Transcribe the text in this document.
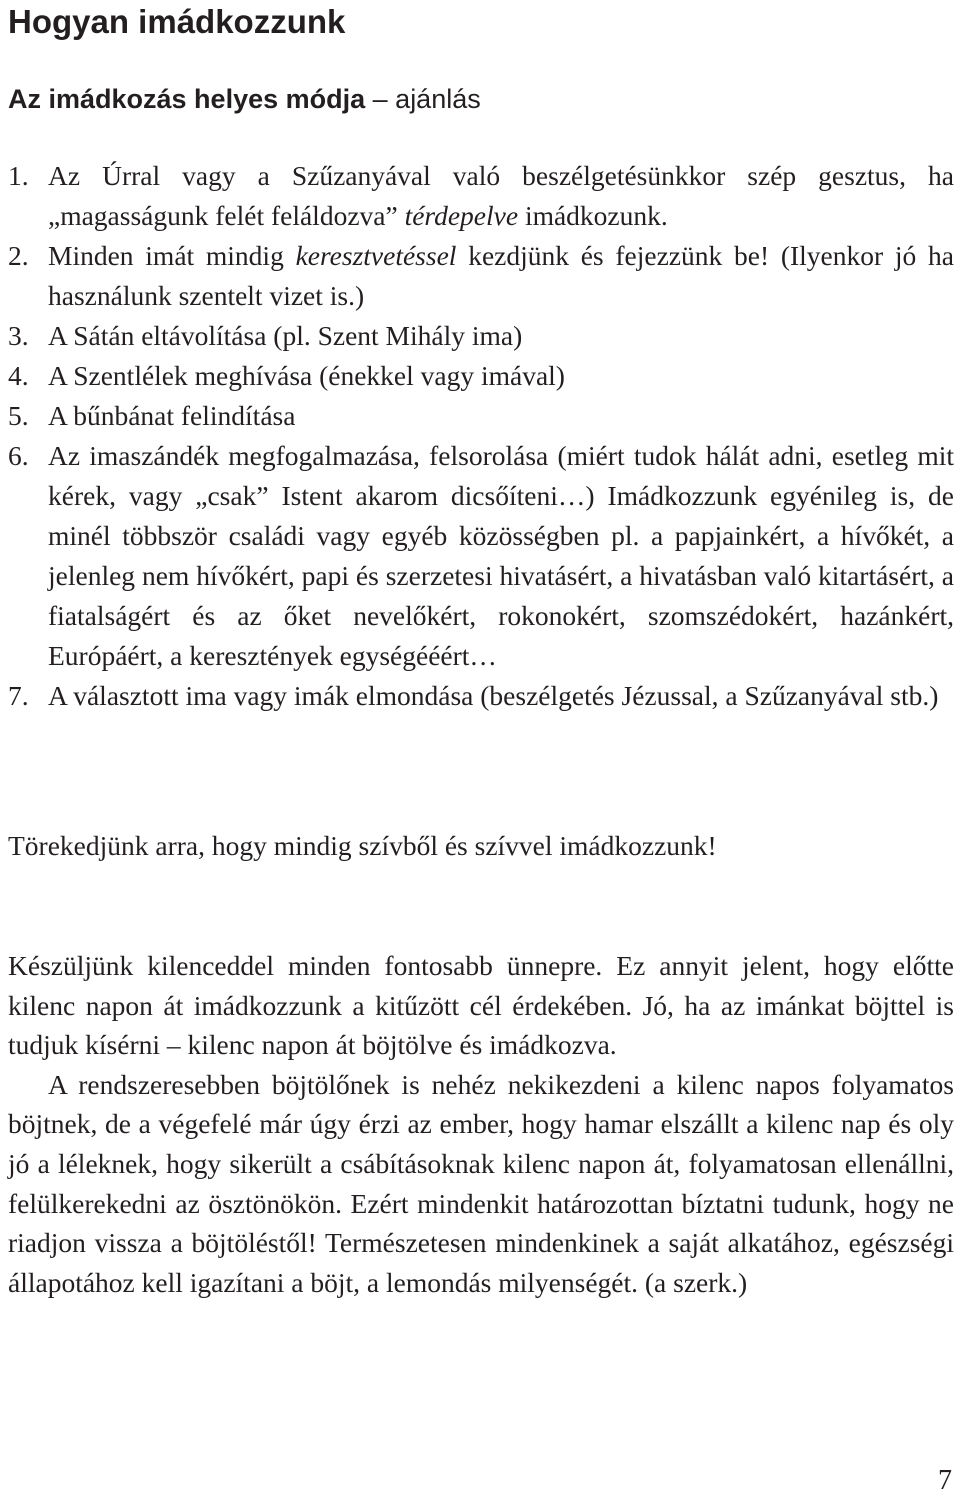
Hogyan imádkozzunk

Az imádkozás helyes módja – ajánlás

1. Az Úrral vagy a Szűzanyával való beszélgetésünkkor szép gesztus, ha „magasságunk felét feláldozva” térdepelve imádkozunk.
2. Minden imát mindig keresztvetéssel kezdjünk és fejezzünk be! (Ilyenkor jó ha használunk szentelt vizet is.)
3. A Sátán eltávolítása (pl. Szent Mihály ima)
4. A Szentlélek meghívása (énekkel vagy imával)
5. A bűnbánat felindítása
6. Az imaszándék megfogalmazása, felsorolása (miért tudok hálát adni, esetleg mit kérek, vagy „csak” Istent akarom dicsőíteni…) Imádkozzunk egyénileg is, de minél többször családi vagy egyéb közösségben pl. a papjainkért, a hívőkét, a jelenleg nem hívőkért, papi és szerzetesi hivatásért, a hivatásban való kitartásért, a fiatalságért és az őket nevelőkért, rokonokért, szomszédokért, hazánkért, Európáért, a keresztények egységééért…
7. A választott ima vagy imák elmondása (beszélgetés Jézussal, a Szűzanyával stb.)

Törekedjünk arra, hogy mindig szívből és szívvel imádkozzunk!

Készüljünk kilenceddel minden fontosabb ünnepre. Ez annyit jelent, hogy előtte kilenc napon át imádkozzunk a kitűzött cél érdekében. Jó, ha az imánkat böjttel is tudjuk kísérni – kilenc napon át böjtölve és imádkozva.

A rendszeresebben böjtölőnek is nehéz nekikezdeni a kilenc napos folyamatos böjtnek, de a végefelé már úgy érzi az ember, hogy hamar elszállt a kilenc nap és oly jó a léleknek, hogy sikerült a csábításoknak kilenc napon át, folyamatosan ellenállni, felülkerekedni az ösztönökön. Ezért mindenkit határozottan bíztatni tudunk, hogy ne riadjon vissza a böjtöléstől! Természetesen mindenkinek a saját alkatához, egészségi állapotához kell igazítani a böjt, a lemondás milyenségét. (a szerk.)

7
